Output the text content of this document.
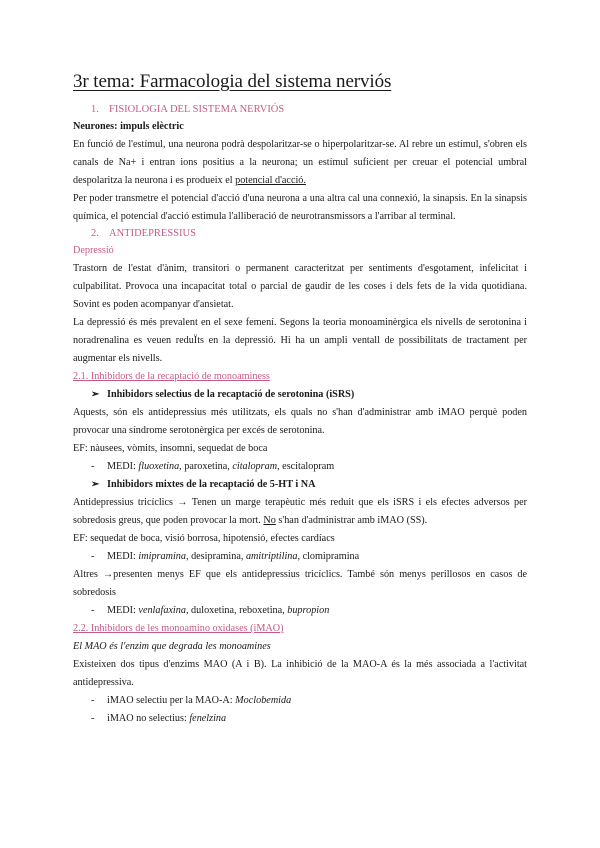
3r tema: Farmacologia del sistema nerviós
1. FISIOLOGIA DEL SISTEMA NERVIÓS

Neurones: impuls elèctric

En funció de l'estímul, una neurona podrà despolaritzar-se o hiperpolaritzar-se. Al rebre un estímul, s'obren els canals de Na+ i entran ions positius a la neurona; un estímul suficient per creuar el potencial umbral despolaritza la neurona i es produeix el potencial d'acció.

Per poder transmetre el potencial d'acció d'una neurona a una altra cal una connexió, la sinapsis. En la sinapsis química, el potencial d'acció estimula l'alliberació de neurotransmissors a l'arribar al terminal.

2. ANTIDEPRESSIUS

Depressió

Trastorn de l'estat d'ànim, transitori o permanent caracteritzat per sentiments d'esgotament, infelicitat i culpabilitat. Provoca una incapacitat total o parcial de gaudir de les coses i dels fets de la vida quotidiana. Sovint es poden acompanyar d'ansietat.

La depressió és més prevalent en el sexe femení. Segons la teoria monoaminèrgica els nivells de serotonina i noradrenalina es veuen reduÏts en la depressió. Hi ha un ampli ventall de possibilitats de tractament per augmentar els nivells.

2.1. Inhibidors de la recaptació de monoaminess

➢ Inhibidors selectius de la recaptació de serotonina (iSRS)

Aquests, són els antidepressius més utilitzats, els quals no s'han d'administrar amb iMAO perquè poden provocar una síndrome serotonèrgica per excés de serotonina.

EF: nàusees, vòmits, insomni, sequedat de boca

- MEDI: fluoxetina, paroxetina, citalopram, escitalopram
➢ Inhibidors mixtes de la recaptació de 5-HT i NA

Antidepressius tricíclics → Tenen un marge terapèutic més reduit que els iSRS i els efectes adversos per sobredosis greus, que poden provocar la mort. No s'han d'administrar amb iMAO (SS).

EF: sequedat de boca, visió borrosa, hipotensió, efectes cardíacs

- MEDI: imipramina, desipramina, amitriptilina, clomipramina

Altres →presenten menys EF que els antidepressius tricíclics. També són menys perillosos en casos de sobredosis

- MEDI: venlafaxina, duloxetina, reboxetina, bupropion

2.2. Inhibidors de les monoamino oxidases (iMAO)

El MAO és l'enzim que degrada les monoamines

Existeixen dos tipus d'enzims MAO (A i B). La inhibició de la MAO-A és la més associada a l'activitat antidepressiva.

- iMAO selectiu per la MAO-A: Moclobemida
- iMAO no selectius: fenelzina
